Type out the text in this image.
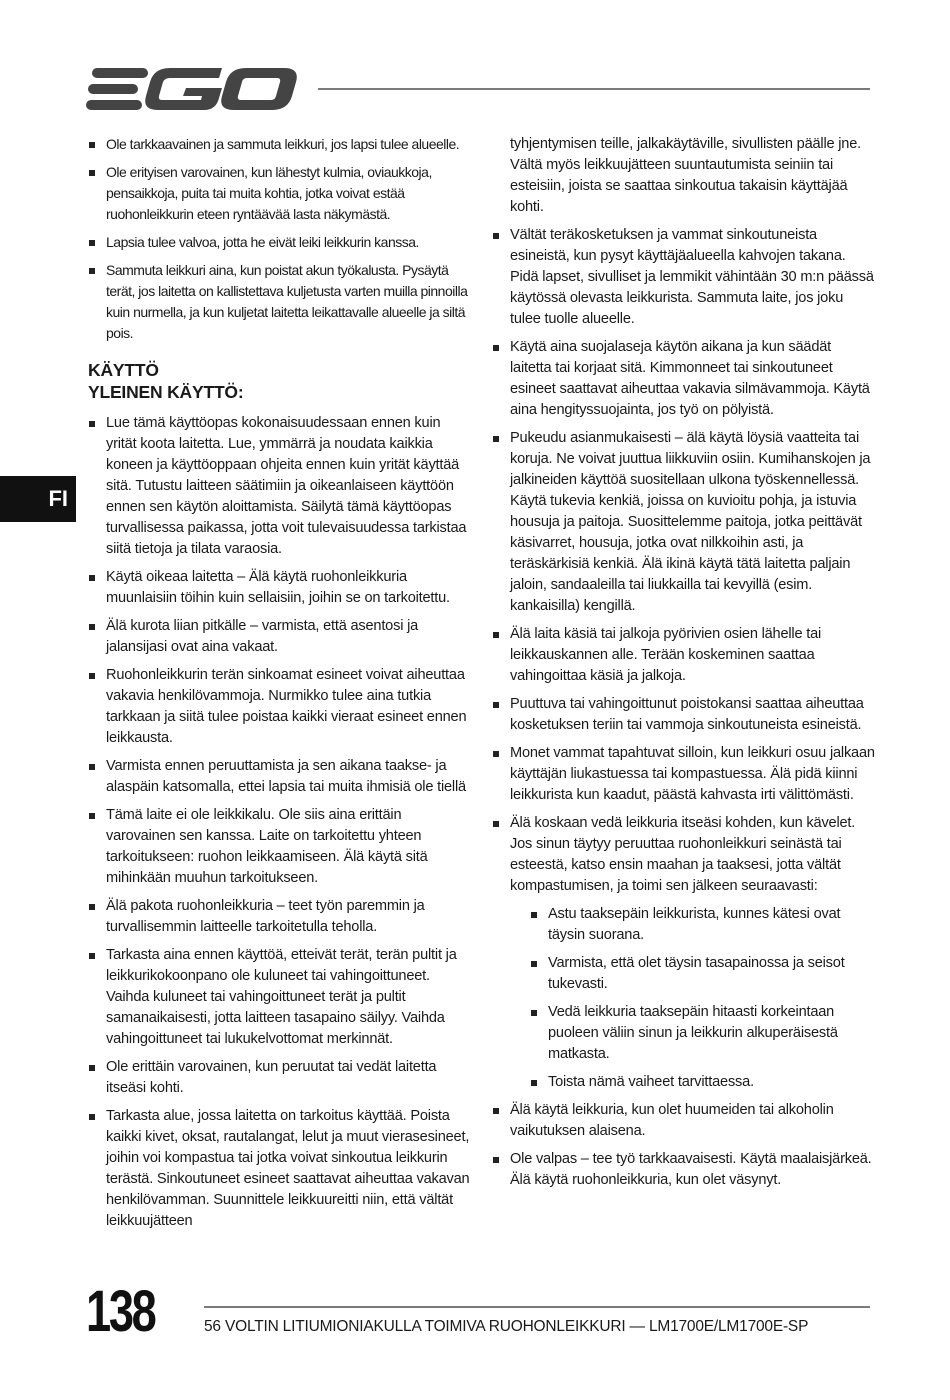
FI
Ole tarkkaavainen ja sammuta leikkuri, jos lapsi tulee alueelle.
Ole erityisen varovainen, kun lähestyt kulmia, oviaukkoja, pensaikkoja, puita tai muita kohtia, jotka voivat estää ruohonleikkurin eteen ryntäävää lasta näkymästä.
Lapsia tulee valvoa, jotta he eivät leiki leikkurin kanssa.
Sammuta leikkuri aina, kun poistat akun työkalusta. Pysäytä terät, jos laitetta on kallistettava kuljetusta varten muilla pinnoilla kuin nurmella, ja kun kuljetat laitetta leikattavalle alueelle ja siltä pois.
KÄYTTÖ
YLEINEN KÄYTTÖ:
Lue tämä käyttöopas kokonaisuudessaan ennen kuin yrität koota laitetta. Lue, ymmärrä ja noudata kaikkia koneen ja käyttöoppaan ohjeita ennen kuin yrität käyttää sitä. Tutustu laitteen säätimiin ja oikeanlaiseen käyttöön ennen sen käytön aloittamista. Säilytä tämä käyttöopas turvallisessa paikassa, jotta voit tulevaisuudessa tarkistaa siitä tietoja ja tilata varaosia.
Käytä oikeaa laitetta – Älä käytä ruohonleikkuria muunlaisiin töihin kuin sellaisiin, joihin se on tarkoitettu.
Älä kurota liian pitkälle – varmista, että asentosi ja jalansijasi ovat aina vakaat.
Ruohonleikkurin terän sinkoamat esineet voivat aiheuttaa vakavia henkilövammoja. Nurmikko tulee aina tutkia tarkkaan ja siitä tulee poistaa kaikki vieraat esineet ennen leikkausta.
Varmista ennen peruuttamista ja sen aikana taakse- ja alaspäin katsomalla, ettei lapsia tai muita ihmisiä ole tiellä
Tämä laite ei ole leikkikalu. Ole siis aina erittäin varovainen sen kanssa. Laite on tarkoitettu yhteen tarkoitukseen: ruohon leikkaamiseen. Älä käytä sitä mihinkään muuhun tarkoitukseen.
Älä pakota ruohonleikkuria – teet työn paremmin ja turvallisemmin laitteelle tarkoitetulla teholla.
Tarkasta aina ennen käyttöä, etteivät terät, terän pultit ja leikkurikokoonpano ole kuluneet tai vahingoittuneet. Vaihda kuluneet tai vahingoittuneet terät ja pultit samanaikaisesti, jotta laitteen tasapaino säilyy. Vaihda vahingoittuneet tai lukukelvottomat merkinnät.
Ole erittäin varovainen, kun peruutat tai vedät laitetta itseäsi kohti.
Tarkasta alue, jossa laitetta on tarkoitus käyttää. Poista kaikki kivet, oksat, rautalangat, lelut ja muut vierasesineet, joihin voi kompastua tai jotka voivat sinkoutua leikkurin terästä. Sinkoutuneet esineet saattavat aiheuttaa vakavan henkilövamman. Suunnittele leikkuureitti niin, että vältät leikkuujätteen
tyhjentymisen teille, jalkakäytäville, sivullisten päälle jne. Vältä myös leikkuujätteen suuntautumista seiniin tai esteisiin, joista se saattaa sinkoutua takaisin käyttäjää kohti.
Vältät teräkosketuksen ja vammat sinkoutuneista esineistä, kun pysyt käyttäjäalueella kahvojen takana. Pidä lapset, sivulliset ja lemmikit vähintään 30 m:n päässä käytössä olevasta leikkurista. Sammuta laite, jos joku tulee tuolle alueelle.
Käytä aina suojalaseja käytön aikana ja kun säädät laitetta tai korjaat sitä. Kimmonneet tai sinkoutuneet esineet saattavat aiheuttaa vakavia silmävammoja. Käytä aina hengityssuojainta, jos työ on pölyistä.
Pukeudu asianmukaisesti – älä käytä löysiä vaatteita tai koruja. Ne voivat juuttua liikkuviin osiin. Kumihanskojen ja jalkineiden käyttöä suositellaan ulkona työskennellessä. Käytä tukevia kenkiä, joissa on kuvioitu pohja, ja istuvia housuja ja paitoja. Suosittelemme paitoja, jotka peittävät käsivarret, housuja, jotka ovat nilkkoihin asti, ja teräskärkisiä kenkiä. Älä ikinä käytä tätä laitetta paljain jaloin, sandaaleilla tai liukkailla tai kevyillä (esim. kankaisilla) kengillä.
Älä laita käsiä tai jalkoja pyörivien osien lähelle tai leikkauskannen alle. Terään koskeminen saattaa vahingoittaa käsiä ja jalkoja.
Puuttuva tai vahingoittunut poistokansi saattaa aiheuttaa kosketuksen teriin tai vammoja sinkoutuneista esineistä.
Monet vammat tapahtuvat silloin, kun leikkuri osuu jalkaan käyttäjän liukastuessa tai kompastuessa. Älä pidä kiinni leikkurista kun kaadut, päästä kahvasta irti välittömästi.
Älä koskaan vedä leikkuria itseäsi kohden, kun kävelet. Jos sinun täytyy peruuttaa ruohonleikkuri seinästä tai esteestä, katso ensin maahan ja taaksesi, jotta vältät kompastumisen, ja toimi sen jälkeen seuraavasti:
Astu taaksepäin leikkurista, kunnes kätesi ovat täysin suorana.
Varmista, että olet täysin tasapainossa ja seisot tukevasti.
Vedä leikkuria taaksepäin hitaasti korkeintaan puoleen väliin sinun ja leikkurin alkuperäisestä matkasta.
Toista nämä vaiheet tarvittaessa.
Älä käytä leikkuria, kun olet huumeiden tai alkoholin vaikutuksen alaisena.
Ole valpas – tee työ tarkkaavaisesti. Käytä maalaisjärkeä. Älä käytä ruohonleikkuria, kun olet väsynyt.
138	56 VOLTIN LITIUMIONIAKULLA TOIMIVA RUOHONLEIKKURI — LM1700E/LM1700E-SP
